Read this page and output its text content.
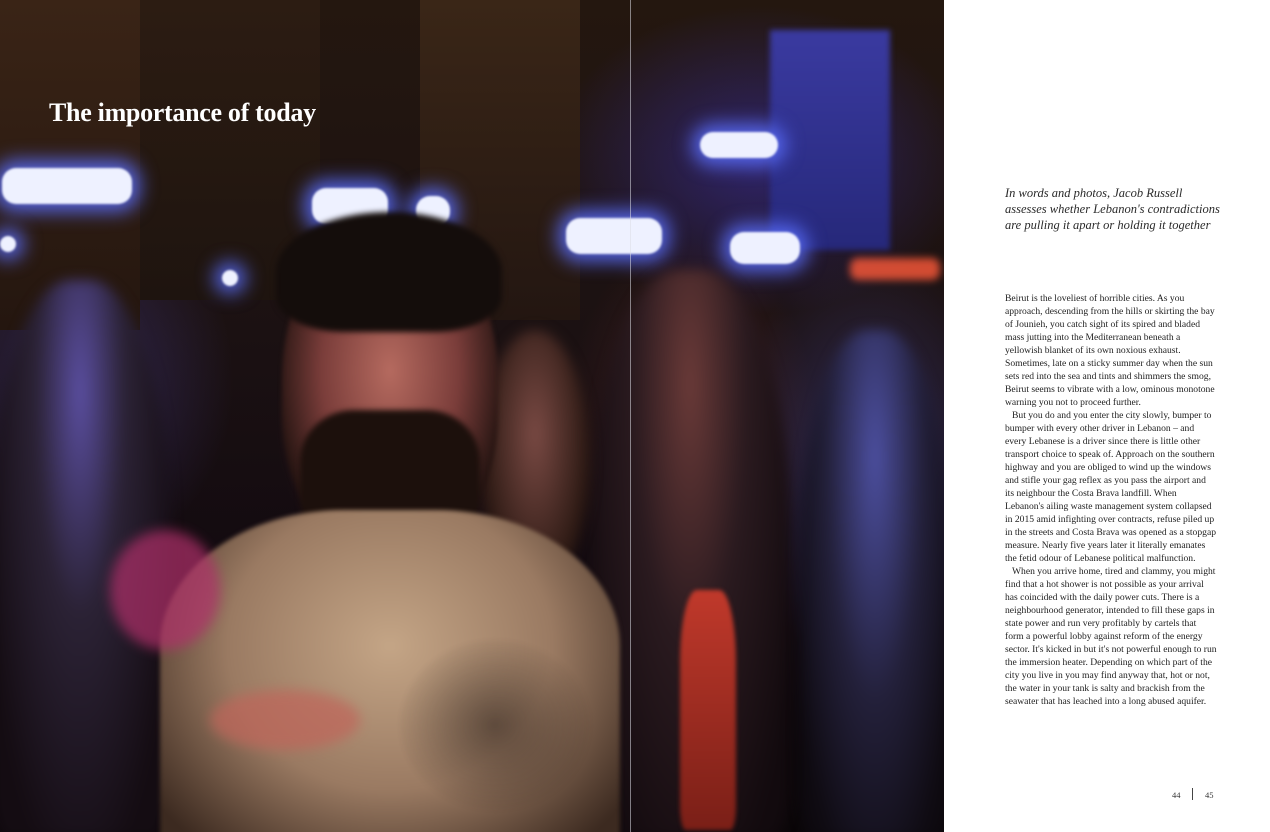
The importance of today

In words and photos, Jacob Russell assesses whether Lebanon's contradictions are pulling it apart or holding it together

Beirut is the loveliest of horrible cities. As you approach, descending from the hills or skirting the bay of Jounieh, you catch sight of its spired and bladed mass jutting into the Mediterranean beneath a yellowish blanket of its own noxious exhaust. Sometimes, late on a sticky summer day when the sun sets red into the sea and tints and shimmers the smog, Beirut seems to vibrate with a low, ominous monotone warning you not to proceed further.

But you do and you enter the city slowly, bumper to bumper with every other driver in Lebanon – and every Lebanese is a driver since there is little other transport choice to speak of. Approach on the southern highway and you are obliged to wind up the windows and stifle your gag reflex as you pass the airport and its neighbour the Costa Brava landfill. When Lebanon's ailing waste management system collapsed in 2015 amid infighting over contracts, refuse piled up in the streets and Costa Brava was opened as a stopgap measure. Nearly five years later it literally emanates the fetid odour of Lebanese political malfunction.

When you arrive home, tired and clammy, you might find that a hot shower is not possible as your arrival has coincided with the daily power cuts. There is a neighbourhood generator, intended to fill these gaps in state power and run very profitably by cartels that form a powerful lobby against reform of the energy sector. It's kicked in but it's not powerful enough to run the immersion heater. Depending on which part of the city you live in you may find anyway that, hot or not, the water in your tank is salty and brackish from the seawater that has leached into a long abused aquifer.

44	45
